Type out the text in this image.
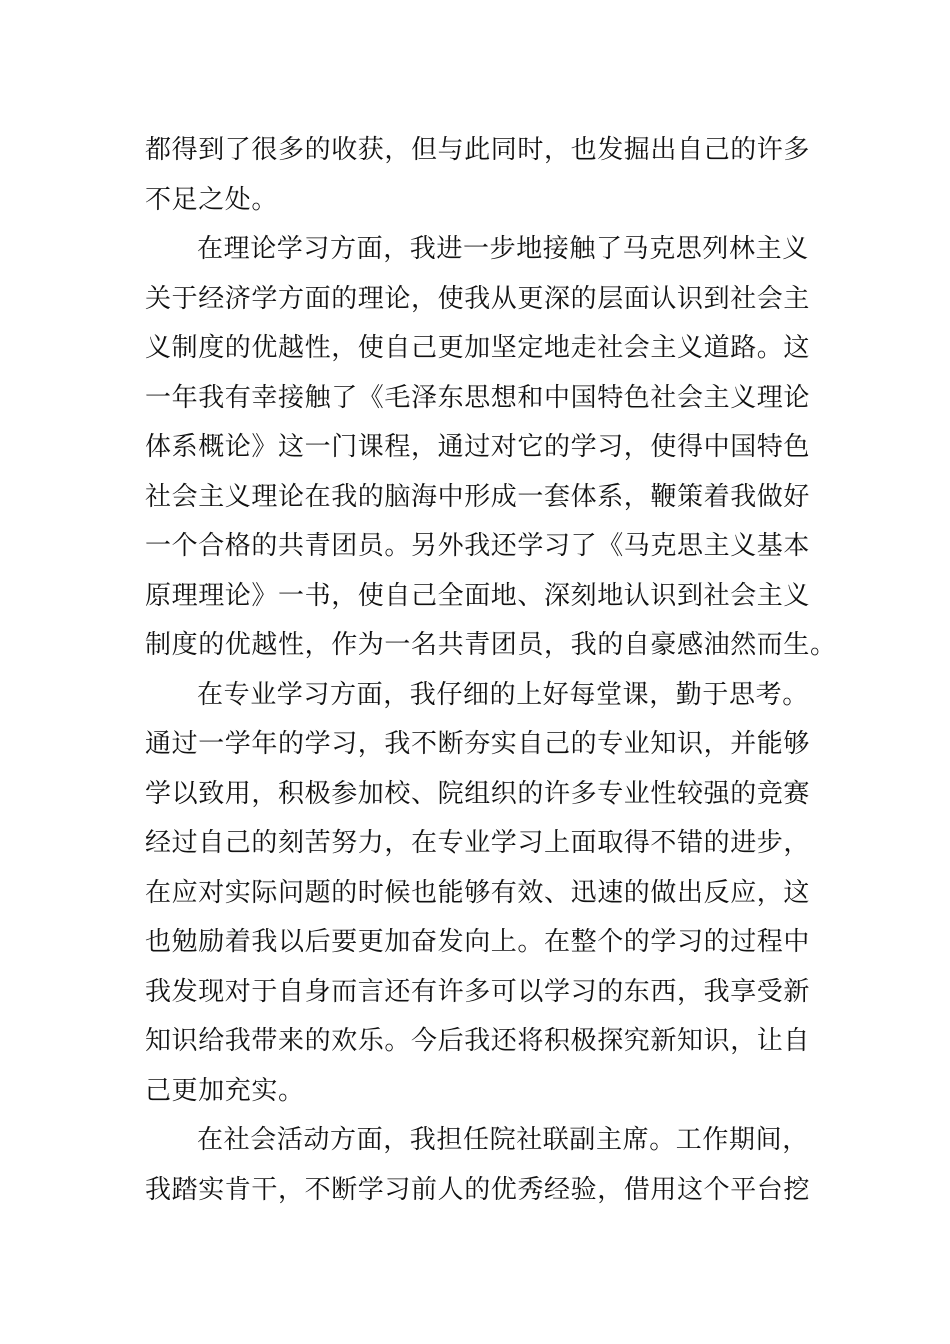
都得到了很多的收获，但与此同时，也发掘出自己的许多
不足之处。
在理论学习方面，我进一步地接触了马克思列林主义
关于经济学方面的理论，使我从更深的层面认识到社会主
义制度的优越性，使自己更加坚定地走社会主义道路。这
一年我有幸接触了《毛泽东思想和中国特色社会主义理论
体系概论》这一门课程，通过对它的学习，使得中国特色
社会主义理论在我的脑海中形成一套体系，鞭策着我做好
一个合格的共青团员。另外我还学习了《马克思主义基本
原理理论》一书，使自己全面地、深刻地认识到社会主义
制度的优越性，作为一名共青团员，我的自豪感油然而生。
在专业学习方面，我仔细的上好每堂课，勤于思考。
通过一学年的学习，我不断夯实自己的专业知识，并能够
学以致用，积极参加校、院组织的许多专业性较强的竞赛
经过自己的刻苦努力，在专业学习上面取得不错的进步，
在应对实际问题的时候也能够有效、迅速的做出反应，这
也勉励着我以后要更加奋发向上。在整个的学习的过程中
我发现对于自身而言还有许多可以学习的东西，我享受新
知识给我带来的欢乐。今后我还将积极探究新知识，让自
己更加充实。
在社会活动方面，我担任院社联副主席。工作期间，
我踏实肯干，不断学习前人的优秀经验，借用这个平台挖
